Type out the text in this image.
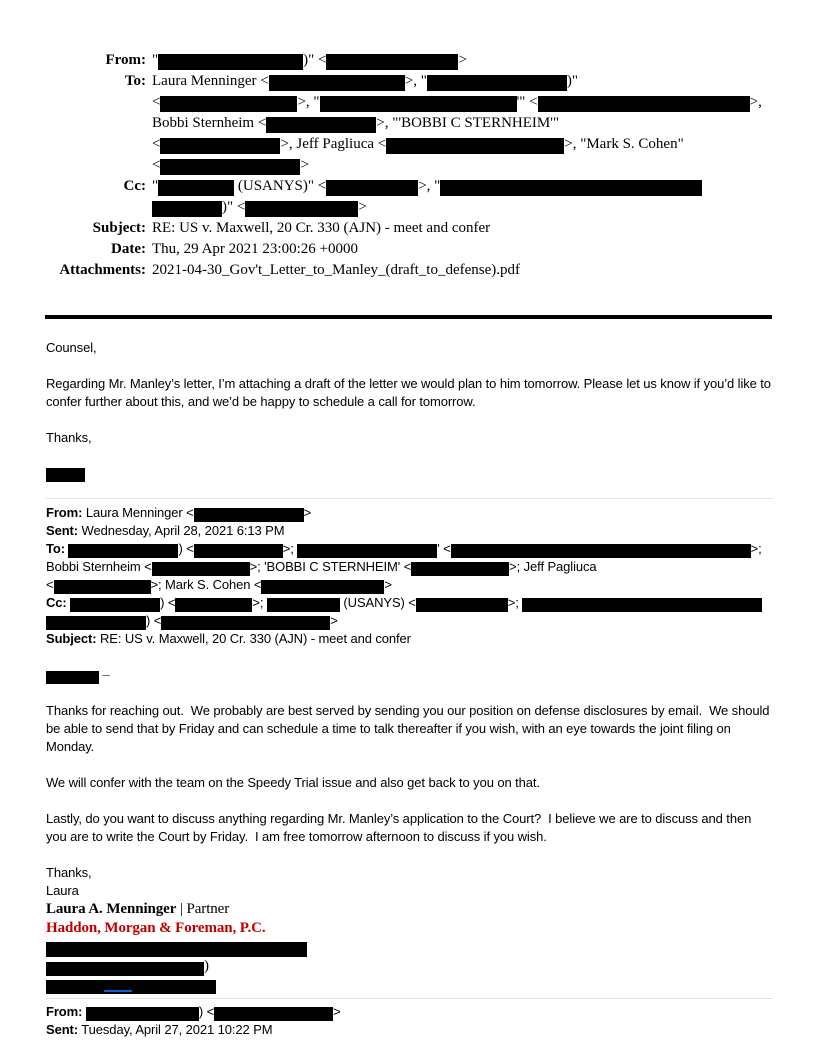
From: "	)" <	>
To: Laura Menninger <	>, "	)"
<	>, "	'" <	>,
Bobbi Sternheim <	>, "'BOBBI C STERNHEIM'"
<	>, Jeff Pagliuca <	>, "Mark S. Cohen"
<	>
Cc: "	(USANYS)" <	>, "
)" <	>
Subject: RE: US v. Maxwell, 20 Cr. 330 (AJN) - meet and confer
Date: Thu, 29 Apr 2021 23:00:26 +0000
Attachments: 2021-04-30_Gov't_Letter_to_Manley_(draft_to_defense).pdf
Counsel,

Regarding Mr. Manley’s letter, I’m attaching a draft of the letter we would plan to him tomorrow. Please let us know if you’d like to confer further about this, and we’d be happy to schedule a call for tomorrow.

Thanks,
From: Laura Menninger <	>
Sent: Wednesday, April 28, 2021 6:13 PM
To:	) <	>;	' <	>;
Bobbi Sternheim <	>; 'BOBBI C STERNHEIM' <	>; Jeff Pagliuca
<	>; Mark S. Cohen <	>
Cc:	) <	>;	(USANYS) <	>;
) <	>
Subject: RE: US v. Maxwell, 20 Cr. 330 (AJN) - meet and confer
–

Thanks for reaching out.  We probably are best served by sending you our position on defense disclosures by email.  We should be able to send that by Friday and can schedule a time to talk thereafter if you wish, with an eye towards the joint filing on Monday.

We will confer with the team on the Speedy Trial issue and also get back to you on that.

Lastly, do you want to discuss anything regarding Mr. Manley’s application to the Court?  I believe we are to discuss and then you are to write the Court by Friday.  I am free tomorrow afternoon to discuss if you wish.

Thanks,
Laura
Laura A. Menninger | Partner
Haddon, Morgan & Foreman, P.C.
)
From:	) <	>
Sent: Tuesday, April 27, 2021 10:22 PM
